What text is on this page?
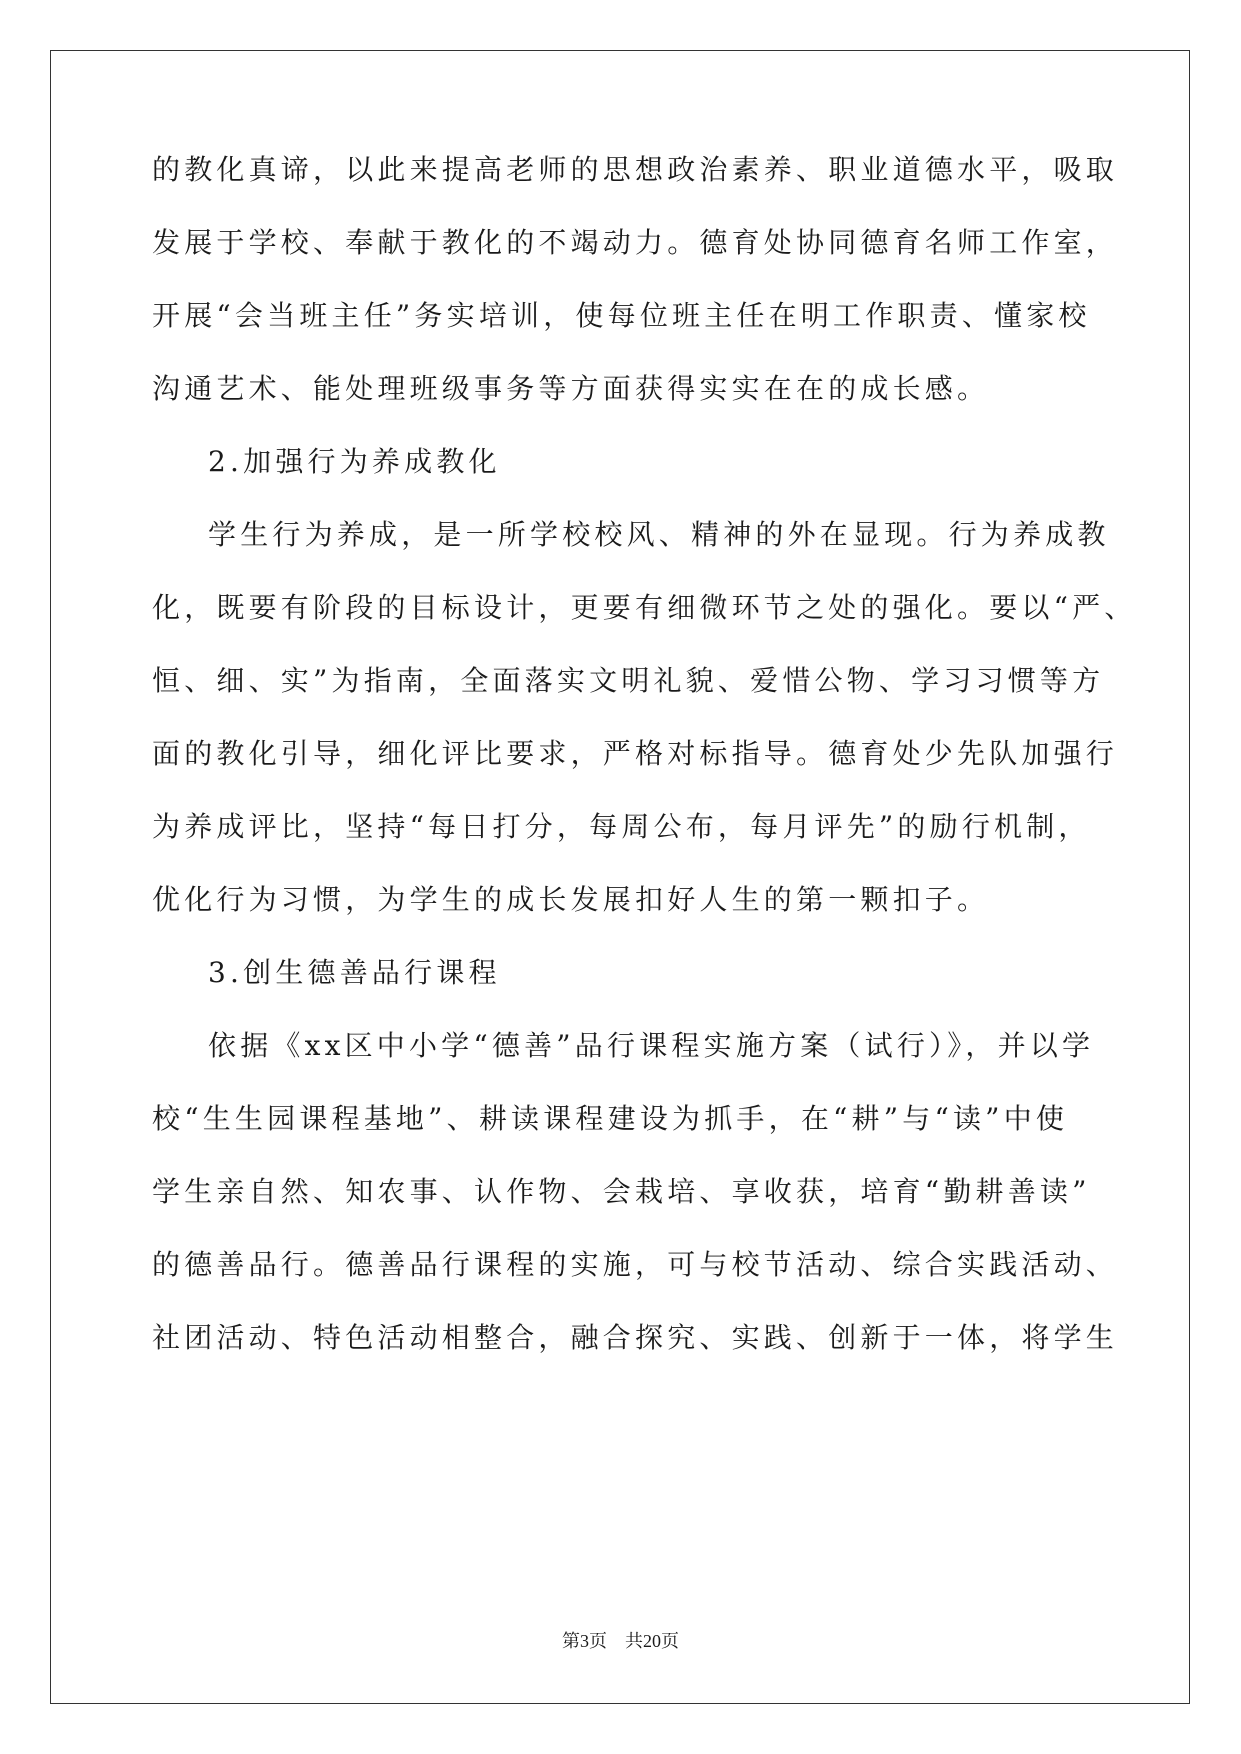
的教化真谛，以此来提高老师的思想政治素养、职业道德水平，吸取
发展于学校、奉献于教化的不竭动力。德育处协同德育名师工作室，
开展“会当班主任”务实培训，使每位班主任在明工作职责、懂家校
沟通艺术、能处理班级事务等方面获得实实在在的成长感。
2.加强行为养成教化
学生行为养成，是一所学校校风、精神的外在显现。行为养成教
化，既要有阶段的目标设计，更要有细微环节之处的强化。要以“严、
恒、细、实”为指南，全面落实文明礼貌、爱惜公物、学习习惯等方
面的教化引导，细化评比要求，严格对标指导。德育处少先队加强行
为养成评比，坚持“每日打分，每周公布，每月评先”的励行机制，
优化行为习惯，为学生的成长发展扣好人生的第一颗扣子。
3.创生德善品行课程
依据《xx区中小学“德善”品行课程实施方案（试行）》，并以学
校“生生园课程基地”、耕读课程建设为抓手，在“耕”与“读”中使
学生亲自然、知农事、认作物、会栽培、享收获，培育“勤耕善读”
的德善品行。德善品行课程的实施，可与校节活动、综合实践活动、
社团活动、特色活动相整合，融合探究、实践、创新于一体，将学生
第3页 共20页
